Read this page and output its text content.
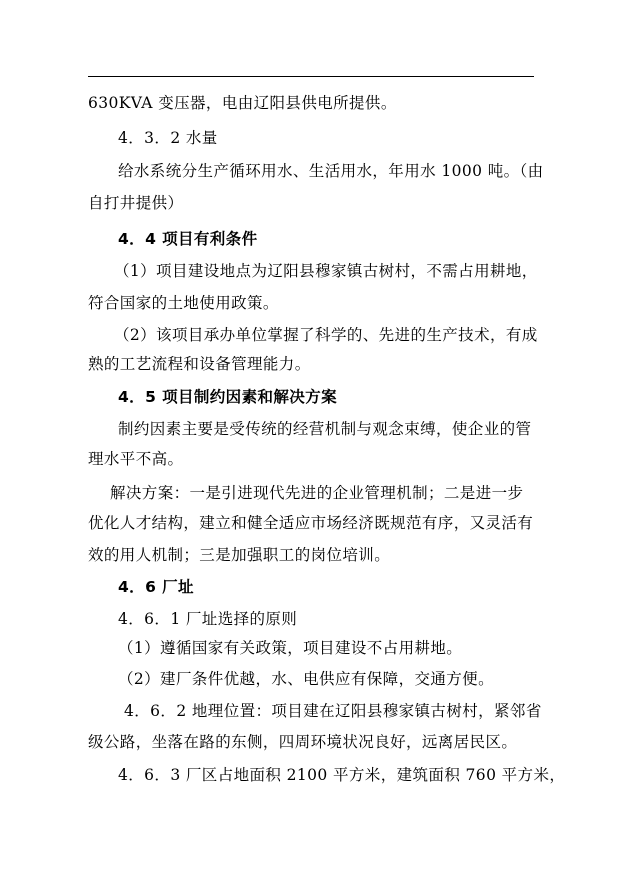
630KVA 变压器，电由辽阳县供电所提供。
4．3．2 水量
给水系统分生产循环用水、生活用水，年用水 1000 吨。（由
自打井提供）
4．4 项目有利条件
（1）项目建设地点为辽阳县穆家镇古树村，不需占用耕地，
符合国家的土地使用政策。
（2）该项目承办单位掌握了科学的、先进的生产技术，有成
熟的工艺流程和设备管理能力。
4．5 项目制约因素和解决方案
制约因素主要是受传统的经营机制与观念束缚，使企业的管
理水平不高。
解决方案：一是引进现代先进的企业管理机制；二是进一步
优化人才结构，建立和健全适应市场经济既规范有序，又灵活有
效的用人机制；三是加强职工的岗位培训。
4．6 厂址
4．6．1 厂址选择的原则
（1）遵循国家有关政策，项目建设不占用耕地。
（2）建厂条件优越，水、电供应有保障，交通方便。
4．6．2 地理位置：项目建在辽阳县穆家镇古树村，紧邻省
级公路，坐落在路的东侧，四周环境状况良好，远离居民区。
4．6．3 厂区占地面积 2100 平方米，建筑面积 760 平方米，
